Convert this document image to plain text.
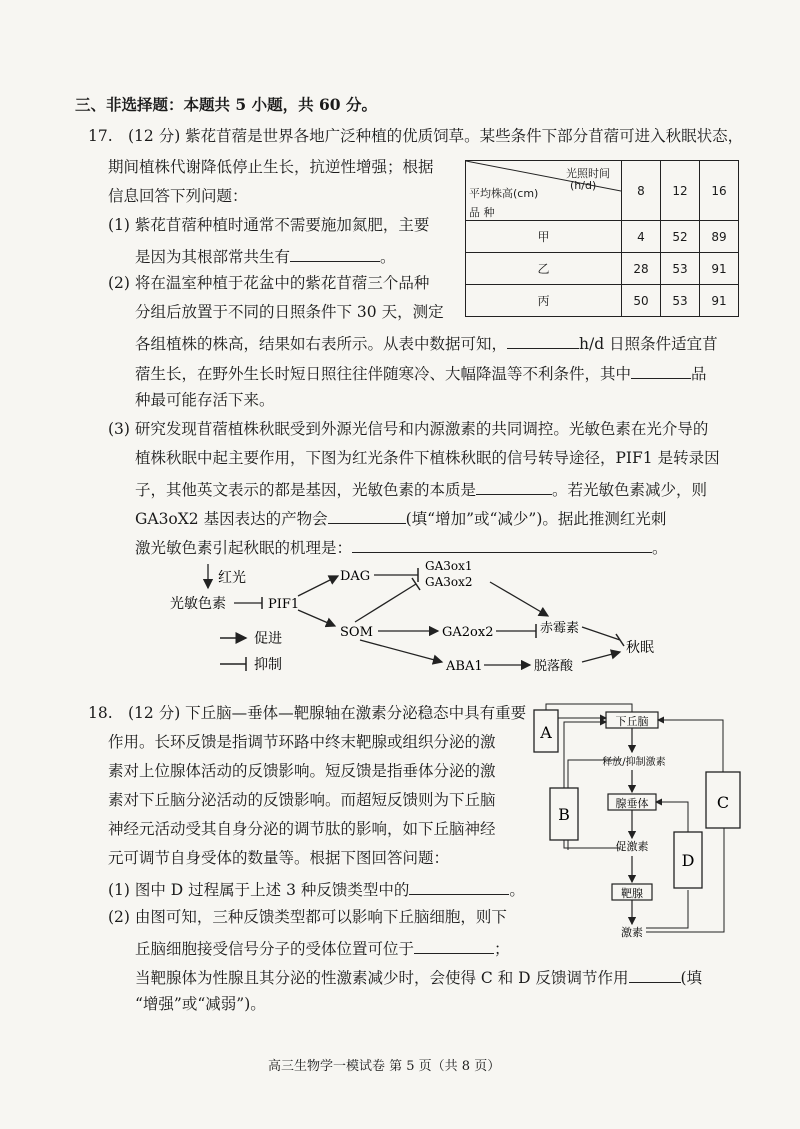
三、非选择题：本题共 5 小题，共 60 分。
17. (12 分) 紫花苜蓿是世界各地广泛种植的优质饲草。某些条件下部分苜蓿可进入秋眠状态，
期间植株代谢降低停止生长，抗逆性增强；根据
信息回答下列问题：
(1) 紫花苜蓿种植时通常不需要施加氮肥，主要
是因为其根部常共生有	。
(2) 将在温室种植于花盆中的紫花苜蓿三个品种
分组后放置于不同的日照条件下 30 天，测定
各组植株的株高，结果如右表所示。从表中数据可知，	h/d 日照条件适宜苜
蓿生长，在野外生长时短日照往往伴随寒冷、大幅降温等不利条件，其中	品
种最可能存活下来。
(3) 研究发现苜蓿植株秋眠受到外源光信号和内源激素的共同调控。光敏色素在光介导的
植株秋眠中起主要作用，下图为红光条件下植株秋眠的信号转导途径，PIF1 是转录因
子，其他英文表示的都是基因，光敏色素的本质是	。若光敏色素减少，则
GA3oX2 基因表达的产物会	(填“增加”或“减少”)。据此推测红光刺
激光敏色素引起秋眠的机理是：	。
光照时间
(h/d)
平均株高(cm)
品 种	8	12	16
甲	4	52	89
乙	28	53	91
丙	50	53	91
红光
光敏色素	PIF1
DAG
GA3ox1
GA3ox2
SOM	GA2ox2	赤霉素
ABA1	脱落酸
秋眠
促进
抑制
18. (12 分) 下丘脑—垂体—靶腺轴在激素分泌稳态中具有重要
作用。长环反馈是指调节环路中终末靶腺或组织分泌的激
素对上位腺体活动的反馈影响。短反馈是指垂体分泌的激
素对下丘脑分泌活动的反馈影响。而超短反馈则为下丘脑
神经元活动受其自身分泌的调节肽的影响，如下丘脑神经
元可调节自身受体的数量等。根据下图回答问题：
(1) 图中 D 过程属于上述 3 种反馈类型中的	。
(2) 由图可知，三种反馈类型都可以影响下丘脑细胞，则下
丘脑细胞接受信号分子的受体位置可位于	；
当靶腺体为性腺且其分泌的性激素减少时，会使得 C 和 D 反馈调节作用	(填
“增强”或“减弱”)。
A
下丘脑
释放/抑制激素
腺垂体
促激素
靶腺
激素
B
C
D
高三生物学一模试卷 第 5 页（共 8 页）
